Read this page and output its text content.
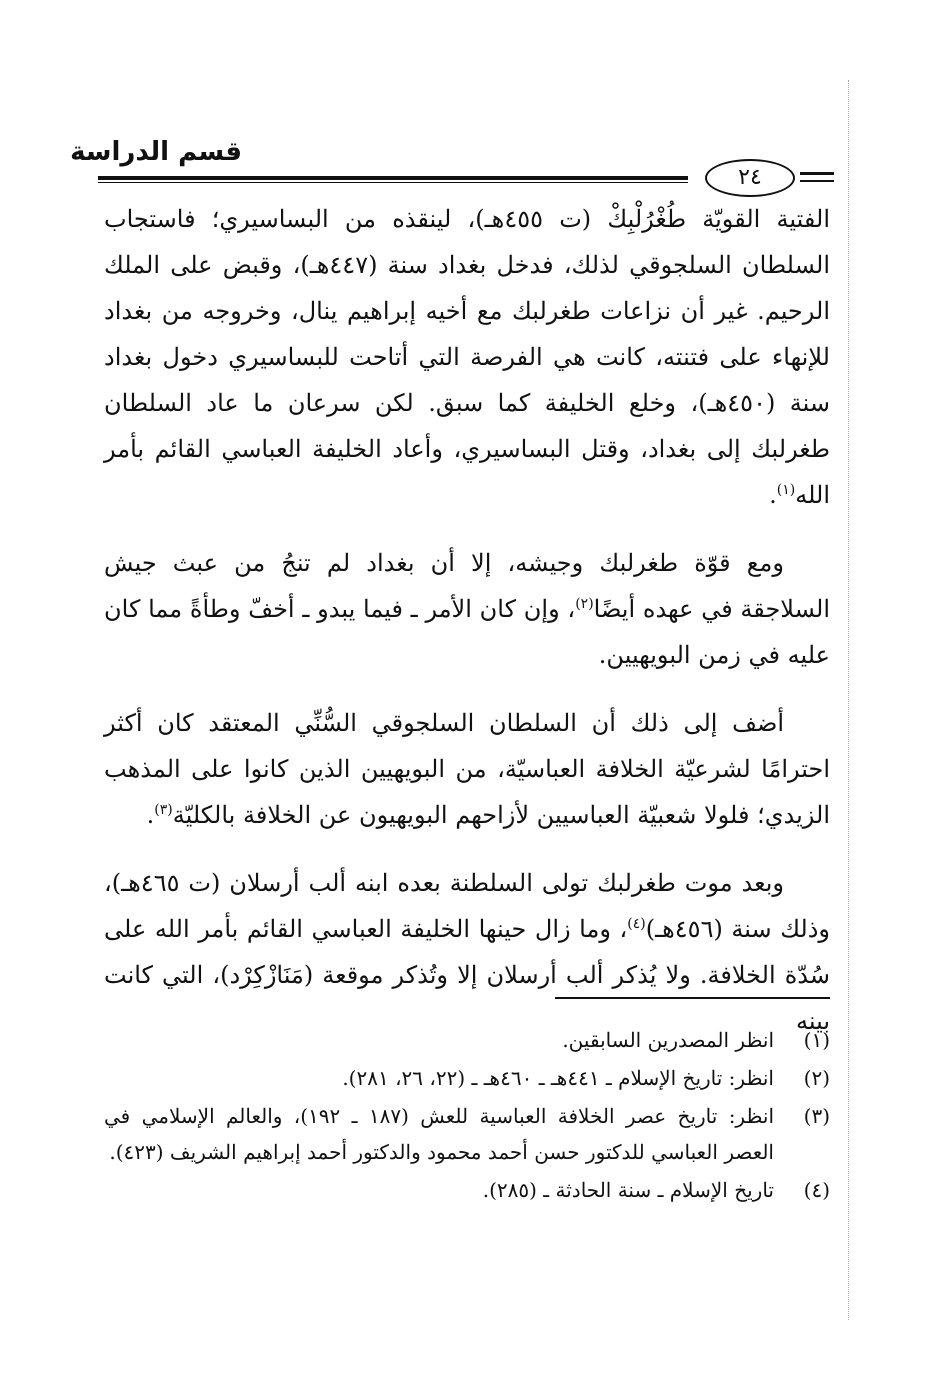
قسم الدراسة
٢٤

الفتية القويّة طُغْرُلْبِكْ (ت ٤٥٥هـ)، لينقذه من البساسيري؛ فاستجاب السلطان السلجوقي لذلك، فدخل بغداد سنة (٤٤٧هـ)، وقبض على الملك الرحيم. غير أن نزاعات طغرلبك مع أخيه إبراهيم ينال، وخروجه من بغداد للإنهاء على فتنته، كانت هي الفرصة التي أتاحت للبساسيري دخول بغداد سنة (٤٥٠هـ)، وخلع الخليفة كما سبق. لكن سرعان ما عاد السلطان طغرلبك إلى بغداد، وقتل البساسيري، وأعاد الخليفة العباسي القائم بأمر الله$^{(١)}$.

ومع قوّة طغرلبك وجيشه، إلا أن بغداد لم تنجُ من عبث جيش السلاجقة في عهده أيضًا$^{(٢)}$، وإن كان الأمر ـ فيما يبدو ـ أخفّ وطأةً مما كان عليه في زمن البويهيين.

أضف إلى ذلك أن السلطان السلجوقي السُّنِّي المعتقد كان أكثر احترامًا لشرعيّة الخلافة العباسيّة، من البويهيين الذين كانوا على المذهب الزيدي؛ فلولا شعبيّة العباسيين لأزاحهم البويهيون عن الخلافة بالكليّة$^{(٣)}$.

وبعد موت طغرلبك تولى السلطنة بعده ابنه ألب أرسلان (ت ٤٦٥هـ)، وذلك سنة (٤٥٦هـ)$^{(٤)}$، وما زال حينها الخليفة العباسي القائم بأمر الله على سُدّة الخلافة. ولا يُذكر ألب أرسلان إلا وتُذكر موقعة (مَنَازْكِرْد)، التي كانت بينه

(١)
انظر المصدرين السابقين.
(٢)
انظر: تاريخ الإسلام ـ ٤٤١هـ ـ ٤٦٠هـ ـ (٢٢، ٢٦، ٢٨١).
(٣)
انظر: تاريخ عصر الخلافة العباسية للعش (١٨٧ ـ ١٩٢)، والعالم الإسلامي في العصر العباسي للدكتور حسن أحمد محمود والدكتور أحمد إبراهيم الشريف (٤٢٣).
(٤)
تاريخ الإسلام ـ سنة الحادثة ـ (٢٨٥).
